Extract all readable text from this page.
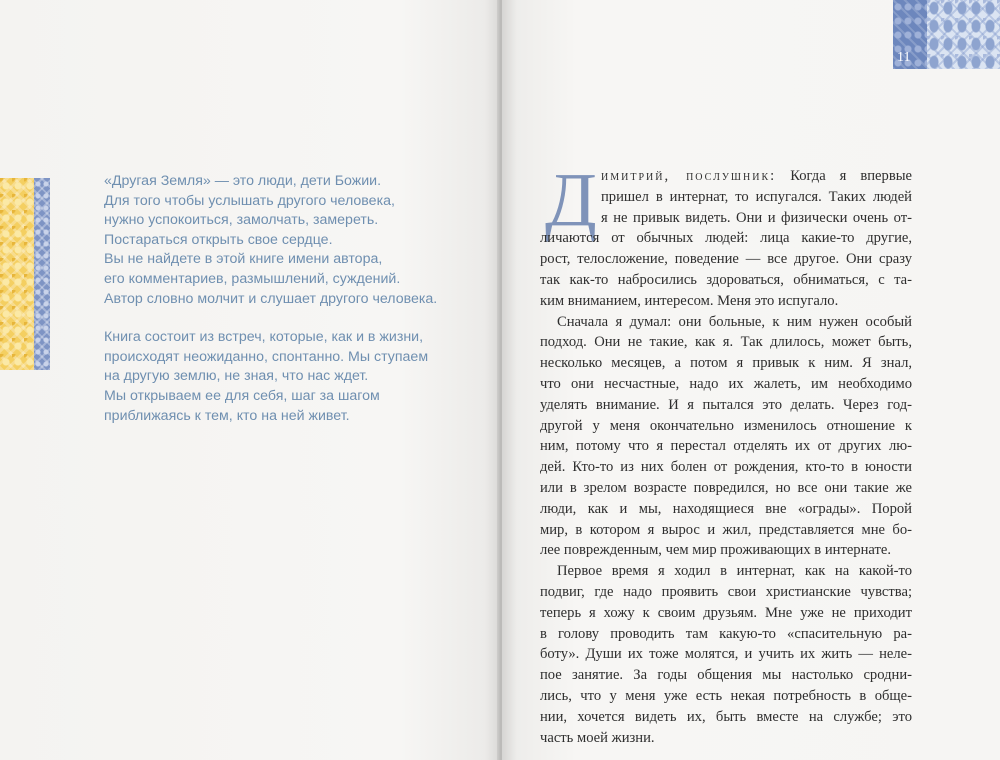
«Другая Земля» — это люди, дети Божии.
Для того чтобы услышать другого человека,
нужно успокоиться, замолчать, замереть.
Постараться открыть свое сердце.
Вы не найдете в этой книге имени автора,
его комментариев, размышлений, суждений.
Автор словно молчит и слушает другого человека.
Книга состоит из встреч, которые, как и в жизни,
происходят неожиданно, спонтанно. Мы ступаем
на другую землю, не зная, что нас ждет.
Мы открываем ее для себя, шаг за шагом
приближаясь к тем, кто на ней живет.
11
Д имитрий, послушник: Когда я впервые
пришел в интернат, то испугался. Таких людей
я не привык видеть. Они и физически очень от-
личаются от обычных людей: лица какие-то другие,
рост, телосложение, поведение — все другое. Они сразу
так как-то набросились здороваться, обниматься, с та-
ким вниманием, интересом. Меня это испугало.
Сначала я думал: они больные, к ним нужен особый
подход. Они не такие, как я. Так длилось, может быть,
несколько месяцев, а потом я привык к ним. Я знал,
что они несчастные, надо их жалеть, им необходимо
уделять внимание. И я пытался это делать. Через год-
другой у меня окончательно изменилось отношение к
ним, потому что я перестал отделять их от других лю-
дей. Кто-то из них болен от рождения, кто-то в юности
или в зрелом возрасте повредился, но все они такие же
люди, как и мы, находящиеся вне «ограды». Порой
мир, в котором я вырос и жил, представляется мне бо-
лее поврежденным, чем мир проживающих в интернате.
Первое время я ходил в интернат, как на какой-то
подвиг, где надо проявить свои христианские чувства;
теперь я хожу к своим друзьям. Мне уже не приходит
в голову проводить там какую-то «спасительную ра-
боту». Души их тоже молятся, и учить их жить — неле-
пое занятие. За годы общения мы настолько сродни-
лись, что у меня уже есть некая потребность в обще-
нии, хочется видеть их, быть вместе на службе; это
часть моей жизни.
